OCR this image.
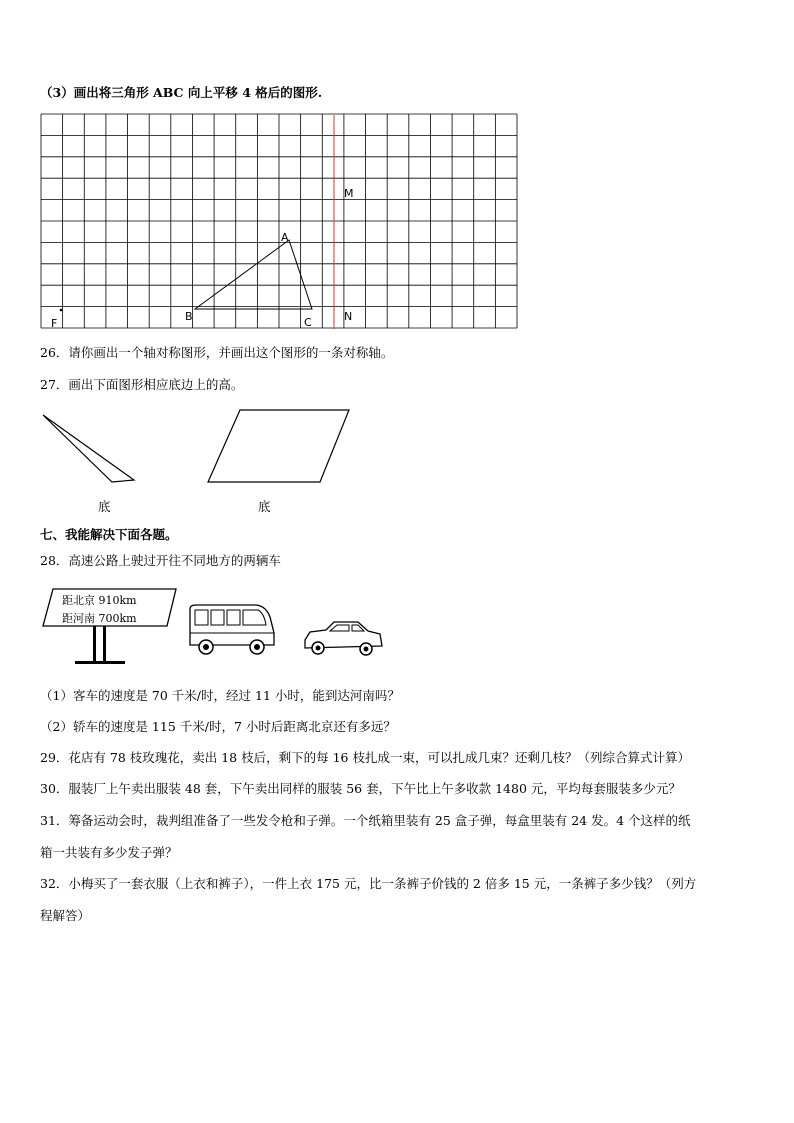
（3）画出将三角形 ABC 向上平移 4 格后的图形.
M
A
B	C	N
F
26．请你画出一个轴对称图形，并画出这个图形的一条对称轴。
27．画出下面图形相应底边上的高。
底	底
七、我能解决下面各题。
28．高速公路上驶过开往不同地方的两辆车
距北京 910km
距河南 700km
（1）客车的速度是 70 千米/时，经过 11 小时，能到达河南吗？
（2）轿车的速度是 115 千米/时，7 小时后距离北京还有多远？
29．花店有 78 枝玫瑰花，卖出 18 枝后，剩下的每 16 枝扎成一束，可以扎成几束？还剩几枝？（列综合算式计算）
30．服装厂上午卖出服装 48 套，下午卖出同样的服装 56 套，下午比上午多收款 1480 元，平均每套服装多少元？
31．筹备运动会时，裁判组准备了一些发令枪和子弹。一个纸箱里装有 25 盒子弹，每盒里装有 24 发。4 个这样的纸
箱一共装有多少发子弹？
32．小梅买了一套衣服（上衣和裤子），一件上衣 175 元，比一条裤子价钱的 2 倍多 15 元，一条裤子多少钱？（列方
程解答）
